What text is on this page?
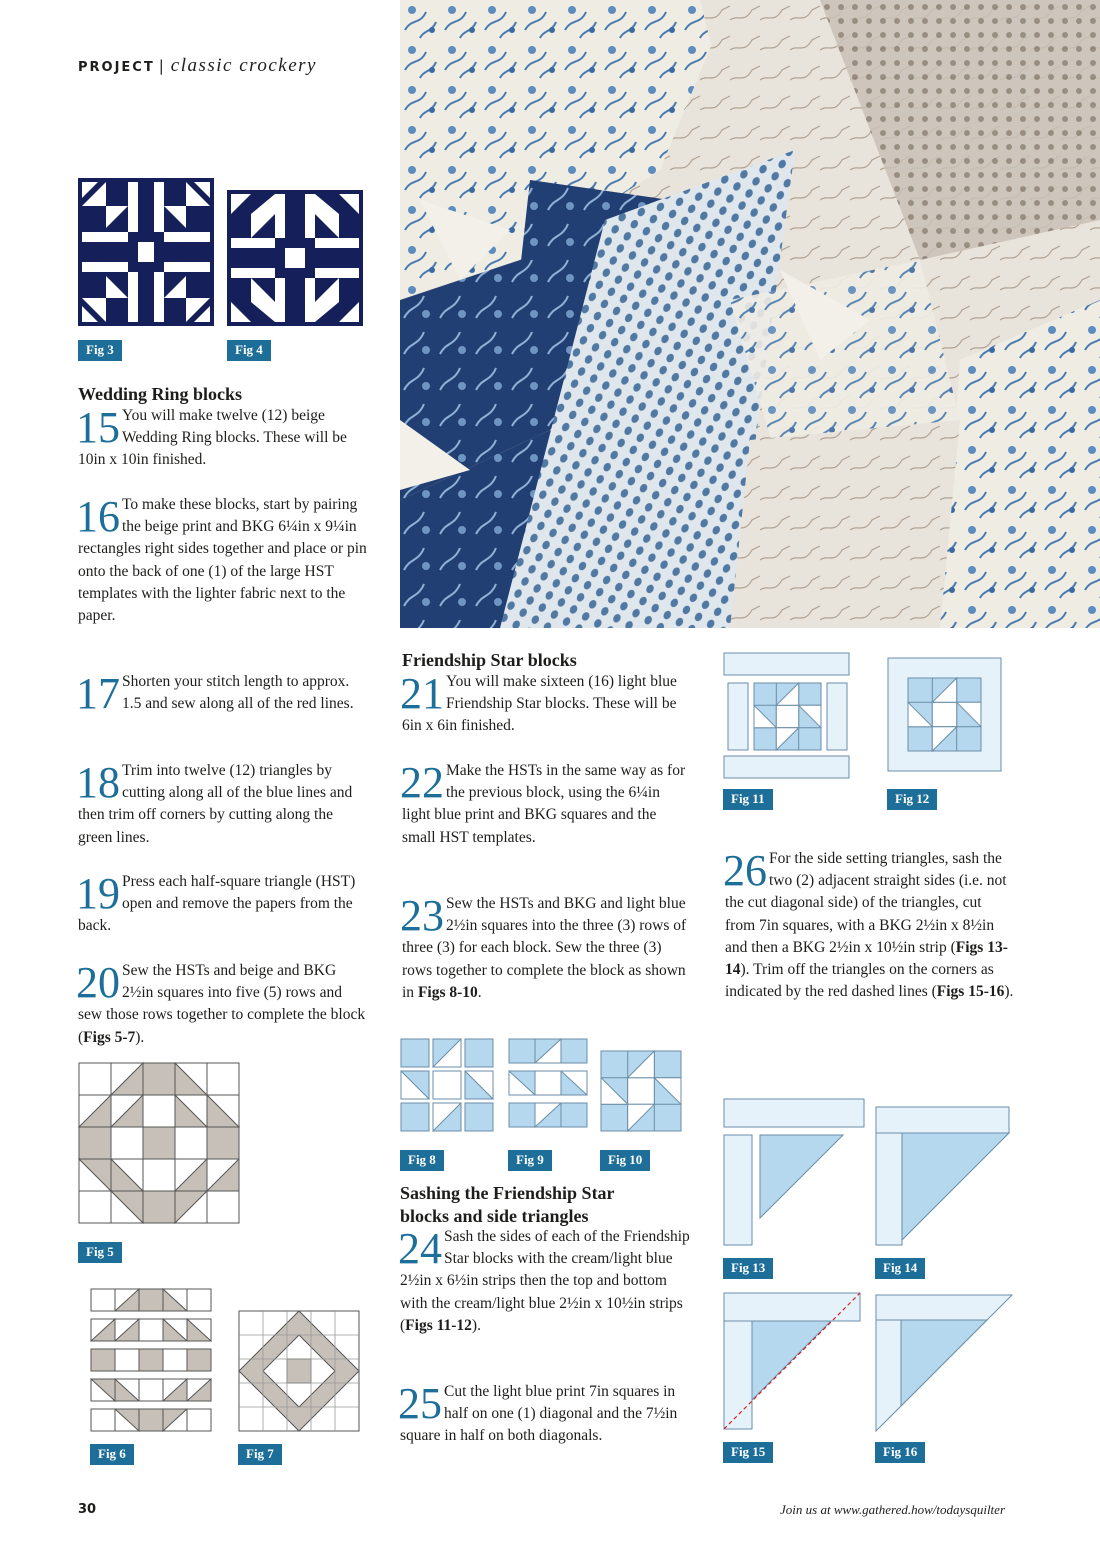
PROJECT | classic crockery
Fig 3	Fig 4
Wedding Ring blocks
15 You will make twelve (12) beige Wedding Ring blocks. These will be 10in x 10in finished.
16 To make these blocks, start by pairing the beige print and BKG 6¼in x 9¼in rectangles right sides together and place or pin onto the back of one (1) of the large HST templates with the lighter fabric next to the paper.
17 Shorten your stitch length to approx. 1.5 and sew along all of the red lines.
18 Trim into twelve (12) triangles by cutting along all of the blue lines and then trim off corners by cutting along the green lines.
19 Press each half-square triangle (HST) open and remove the papers from the back.
20 Sew the HSTs and beige and BKG 2½in squares into five (5) rows and sew those rows together to complete the block (Figs 5-7).
Fig 5
Fig 6	Fig 7
Friendship Star blocks
21 You will make sixteen (16) light blue Friendship Star blocks. These will be 6in x 6in finished.
22 Make the HSTs in the same way as for the previous block, using the 6¼in light blue print and BKG squares and the small HST templates.
23 Sew the HSTs and BKG and light blue 2½in squares into the three (3) rows of three (3) for each block. Sew the three (3) rows together to complete the block as shown in Figs 8-10.
Fig 8	Fig 9	Fig 10
Sashing the Friendship Star
blocks and side triangles
24 Sash the sides of each of the Friendship Star blocks with the cream/light blue 2½in x 6½in strips then the top and bottom with the cream/light blue 2½in x 10½in strips (Figs 11-12).
25 Cut the light blue print 7in squares in half on one (1) diagonal and the 7½in square in half on both diagonals.
Fig 11	Fig 12
26 For the side setting triangles, sash the two (2) adjacent straight sides (i.e. not the cut diagonal side) of the triangles, cut from 7in squares, with a BKG 2½in x 8½in and then a BKG 2½in x 10½in strip (Figs 13-14). Trim off the triangles on the corners as indicated by the red dashed lines (Figs 15-16).
Fig 13	Fig 14
Fig 15	Fig 16
30	Join us at www.gathered.how/todaysquilter
